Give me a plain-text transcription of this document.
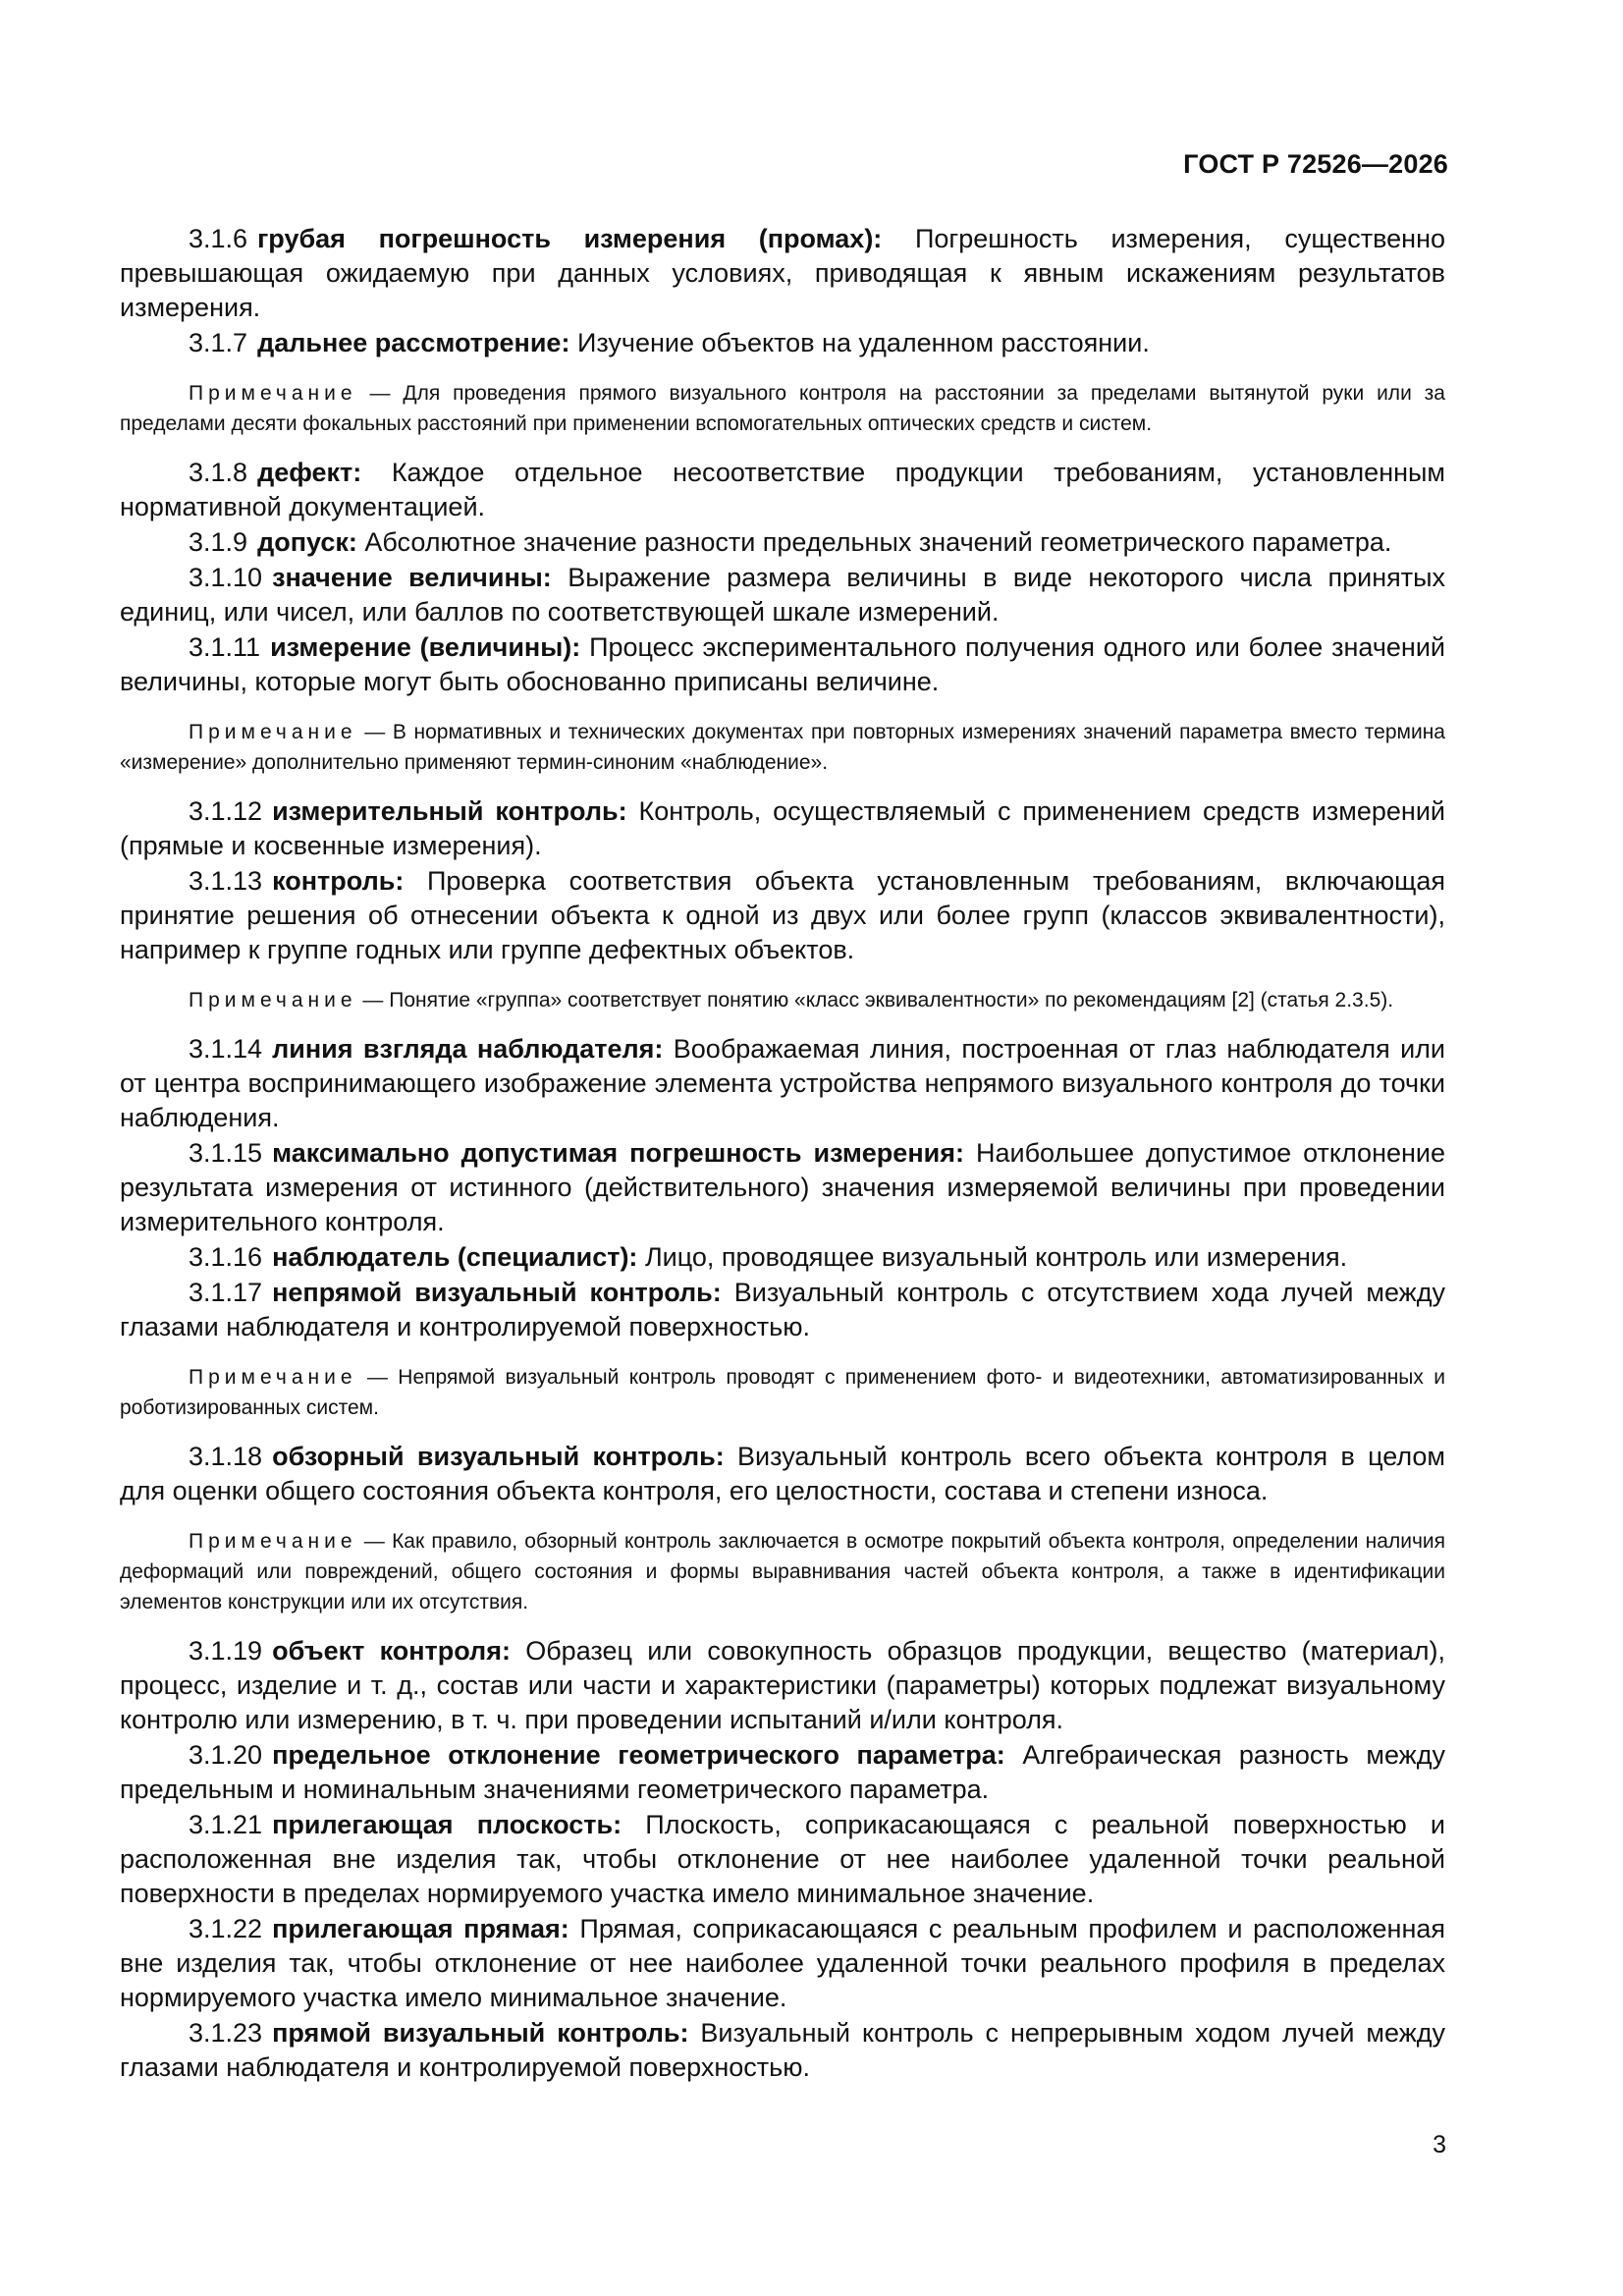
ГОСТ Р 72526—2026

3.1.6 грубая погрешность измерения (промах): Погрешность измерения, существенно превышающая ожидаемую при данных условиях, приводящая к явным искажениям результатов измерения.

3.1.7 дальнее рассмотрение: Изучение объектов на удаленном расстоянии.

Примечание — Для проведения прямого визуального контроля на расстоянии за пределами вытянутой руки или за пределами десяти фокальных расстояний при применении вспомогательных оптических средств и систем.

3.1.8 дефект: Каждое отдельное несоответствие продукции требованиям, установленным нормативной документацией.

3.1.9 допуск: Абсолютное значение разности предельных значений геометрического параметра.

3.1.10 значение величины: Выражение размера величины в виде некоторого числа принятых единиц, или чисел, или баллов по соответствующей шкале измерений.

3.1.11 измерение (величины): Процесс экспериментального получения одного или более значений величины, которые могут быть обоснованно приписаны величине.

Примечание — В нормативных и технических документах при повторных измерениях значений параметра вместо термина «измерение» дополнительно применяют термин-синоним «наблюдение».

3.1.12 измерительный контроль: Контроль, осуществляемый с применением средств измерений (прямые и косвенные измерения).

3.1.13 контроль: Проверка соответствия объекта установленным требованиям, включающая принятие решения об отнесении объекта к одной из двух или более групп (классов эквивалентности), например к группе годных или группе дефектных объектов.

Примечание — Понятие «группа» соответствует понятию «класс эквивалентности» по рекомендациям [2] (статья 2.3.5).

3.1.14 линия взгляда наблюдателя: Воображаемая линия, построенная от глаз наблюдателя или от центра воспринимающего изображение элемента устройства непрямого визуального контроля до точки наблюдения.

3.1.15 максимально допустимая погрешность измерения: Наибольшее допустимое отклонение результата измерения от истинного (действительного) значения измеряемой величины при проведении измерительного контроля.

3.1.16 наблюдатель (специалист): Лицо, проводящее визуальный контроль или измерения.

3.1.17 непрямой визуальный контроль: Визуальный контроль с отсутствием хода лучей между глазами наблюдателя и контролируемой поверхностью.

Примечание — Непрямой визуальный контроль проводят с применением фото- и видеотехники, автоматизированных и роботизированных систем.

3.1.18 обзорный визуальный контроль: Визуальный контроль всего объекта контроля в целом для оценки общего состояния объекта контроля, его целостности, состава и степени износа.

Примечание — Как правило, обзорный контроль заключается в осмотре покрытий объекта контроля, определении наличия деформаций или повреждений, общего состояния и формы выравнивания частей объекта контроля, а также в идентификации элементов конструкции или их отсутствия.

3.1.19 объект контроля: Образец или совокупность образцов продукции, вещество (материал), процесс, изделие и т. д., состав или части и характеристики (параметры) которых подлежат визуальному контролю или измерению, в т. ч. при проведении испытаний и/или контроля.

3.1.20 предельное отклонение геометрического параметра: Алгебраическая разность между предельным и номинальным значениями геометрического параметра.

3.1.21 прилегающая плоскость: Плоскость, соприкасающаяся с реальной поверхностью и расположенная вне изделия так, чтобы отклонение от нее наиболее удаленной точки реальной поверхности в пределах нормируемого участка имело минимальное значение.

3.1.22 прилегающая прямая: Прямая, соприкасающаяся с реальным профилем и расположенная вне изделия так, чтобы отклонение от нее наиболее удаленной точки реального профиля в пределах нормируемого участка имело минимальное значение.

3.1.23 прямой визуальный контроль: Визуальный контроль с непрерывным ходом лучей между глазами наблюдателя и контролируемой поверхностью.

3
